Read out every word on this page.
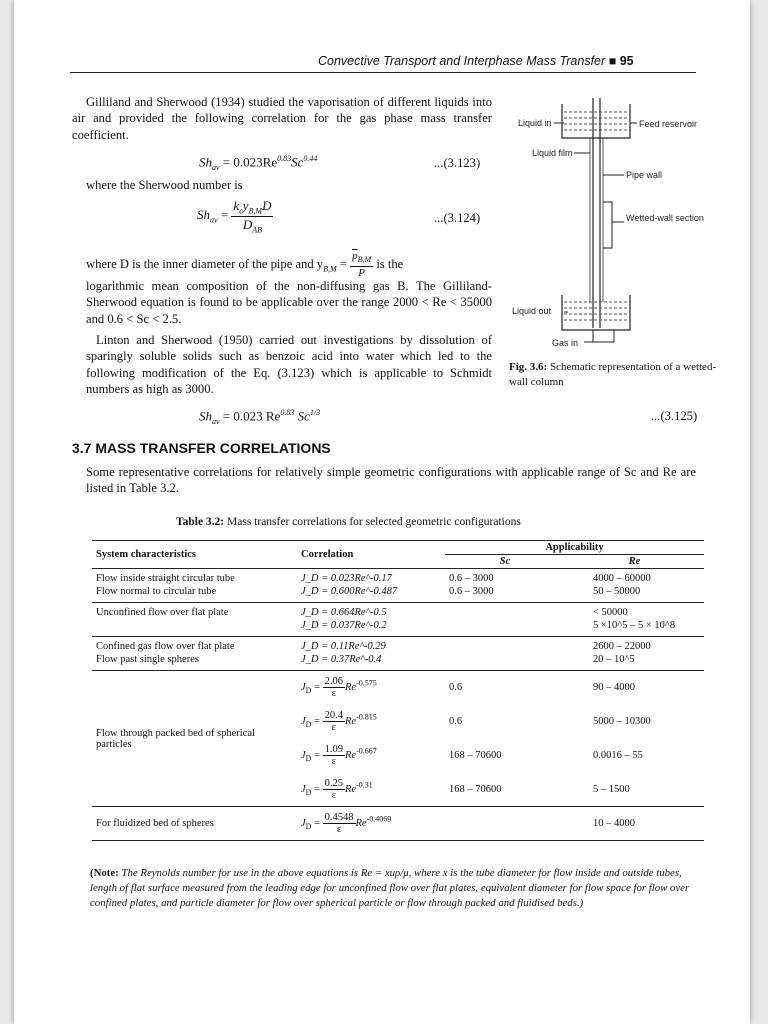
Convective Transport and Interphase Mass Transfer ■ 95
Gilliland and Sherwood (1934) studied the vaporisation of different liquids into air and provided the following correlation for the gas phase mass transfer coefficient.
$Sh_{av} = 0.023Re^{0.83}Sc^{0.44}$	...(3.123)
where the Sherwood number is
$Sh_{av} = \frac{k_cy_{B,M}D}{D_{AB}}$	...(3.124)
where D is the inner diameter of the pipe and $y_{B,M} = \frac{\overline{p}_{B,M}}{P}$ is the
logarithmic mean composition of the non-diffusing gas B. The Gilliland-Sherwood equation is found to be applicable over the range 2000 < Re < 35000 and 0.6 < Sc < 2.5.
Linton and Sherwood (1950) carried out investigations by dissolution of sparingly soluble solids such as benzoic acid into water which led to the following modification of the Eq. (3.123) which is applicable to Schmidt numbers as high as 3000.
$Sh_{av} = 0.023$ $Re^{0.83}$ $Sc^{1/3}$	...(3.125)
Liquid in	Feed reservoir
Liquid film
Pipe wall
Wetted-wall section
Liquid out
Gas in
Fig. 3.6: Schematic representation of a wetted-wall column
3.7 MASS TRANSFER CORRELATIONS
Some representative correlations for relatively simple geometric configurations with applicable range of Sc and Re are listed in Table 3.2.
Table 3.2: Mass transfer correlations for selected geometric configurations
System characteristics	Correlation	Applicability	
		Sc	Re
Flow inside straight circular tube	J_D = 0.023Re^-0.17	0.6 – 3000	4000 – 60000
Flow normal to circular tube	J_D = 0.600Re^-0.487	0.6 – 3000	50 – 50000
Unconfined flow over flat plate	J_D = 0.664Re^-0.5		< 50000
	J_D = 0.037Re^-0.2		5 ×10^5 – 5 × 10^8
Confined gas flow over flat plate	J_D = 0.11Re^-0.29		2600 – 22000
Flow past single spheres	J_D = 0.37Re^-0.4		20 – 10^5
Flow through packed bed of spherical particles	$J_D = \frac{2.06}{\varepsilon} Re^{-0.575}$	0.6	90 – 4000
	$J_D = \frac{20.4}{\varepsilon} Re^{-0.815}$	0.6	5000 – 10300
	$J_D = \frac{1.09}{\varepsilon} Re^{-0.667}$	168 – 70600	0.0016 – 55
	$J_D = \frac{0.25}{\varepsilon} Re^{-0.31}$	168 – 70600	5 – 1500
For fluidized bed of spheres	$J_D = \frac{0.4548}{\varepsilon} Re^{-0.4069}$		10 – 4000
(Note: The Reynolds number for use in the above equations is Re = xuρ/μ, where x is the tube diameter for flow inside and outside tubes, length of flat surface measured from the leading edge for unconfined flow over flat plates, equivalent diameter for flow space for flow over confined plates, and particle diameter for flow over spherical particle or flow through packed and fluidised beds.)
